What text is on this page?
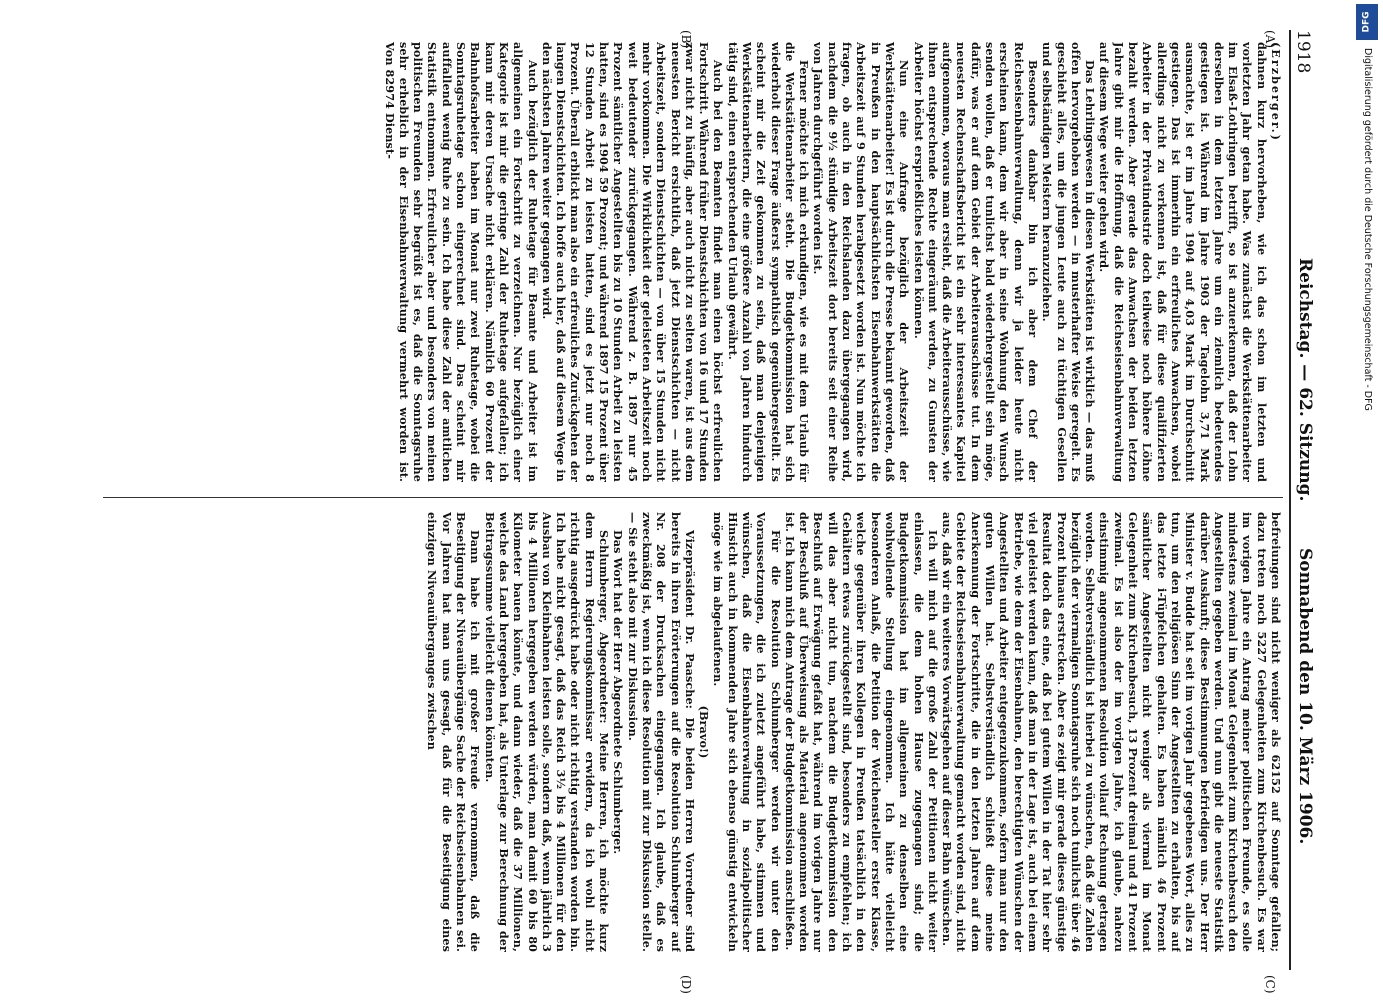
1918
Reichstag. — 62. Sitzung.
Sonnabend den 10. März 1906.
(A)
(B)
(C)
(D)

(Erzberger.)

dahnen kurz hervorheben, wie ich das schon im letzten und vorletzten Jahr getan habe. Was zunächst die Werkstättenarbeiter im Elsaß-Lothringen betrifft, so ist anzuerkennen, daß der Lohn derselben in dem letzten Jahre um ein ziemlich bedeutendes gestiegen ist. Während im Jahre 1903 der Tagelohn 3,71 Mark ausmachte, ist er im Jahre 1904 auf 4,03 Mark im Durchschnitt gestiegen. Das ist immerhin ein erfreuliches Anwachsen, wobei allerdings nicht zu verkennen ist, daß für diese qualifizierten Arbeiter in der Privatindustrie doch teilweise noch höhere Löhne bezahlt werden. Aber gerade das Anwachsen der beiden letzten Jahre gibt mir die Hoffnung, daß die Reichseisenbahnverwaltung auf diesem Wege weiter gehen wird.

Das Lehrlingswesen in diesen Werkstätten ist wirklich — das muß offen hervorgehoben werden — in musterhafter Weise geregelt. Es geschieht alles, um die jungen Leute auch zu tüchtigen Gesellen und selbständigen Meistern heranzuziehen.

Besonders dankbar bin ich aber dem Chef der Reichseisenbahnverwaltung, denn wir ja leider heute nicht erscheinen kann, dem wir aber in seine Wohnung den Wunsch senden wollen, daß er tunlichst bald wiederhergestellt sein möge, dafür, was er auf dem Gebiet der Arbeiterausschüsse tut. In dem neuesten Rechenschaftsbericht ist ein sehr interessantes Kapitel aufgenommen, woraus man ersieht, daß die Arbeiterausschüsse, wie ihnen entsprechende Rechte eingeräumt werden, zu Gunsten der Arbeiter höchst ersprießliches leisten können.

Nun eine Anfrage bezüglich der Arbeitszeit der Werkstättenarbeiter! Es ist durch die Presse bekannt geworden, daß in Preußen in den hauptsächlichsten Eisenbahnwerkstätten die Arbeitszeit auf 9 Stunden herabgesetzt worden ist. Nun möchte ich fragen, ob auch in den Reichslanden dazu übergegangen wird, nachdem die 9½ stündige Arbeitszeit dort bereits seit einer Reihe von Jahren durchgeführt worden ist.

Ferner möchte ich mich erkundigen, wie es mit dem Urlaub für die Werkstättenarbeiter steht. Die Budgetkommission hat sich wiederholt dieser Frage äußerst sympathisch gegenübergestellt. Es scheint mir die Zeit gekommen zu sein, daß man denjenigen Werkstättenarbeitern, die eine größere Anzahl von Jahren hindurch tätig sind, einen entsprechenden Urlaub gewährt.

Auch bei den Beamten findet man einen höchst erfreulichen Fortschritt. Während früher Dienstschichten von 16 und 17 Stunden zwar nicht zu häufig, aber auch nicht zu selten waren, ist aus dem neuesten Bericht ersichtlich, daß jetzt Dienstschichten — nicht Arbeitszeit, sondern Dienstschichten — von über 15 Stunden nicht mehr vorkommen. Die Wirklichkeit der geleisteten Arbeitszeit noch weit bedeutender zurückgegangen. Während z. B. 1897 nur 45 Prozent sämtlicher Angestellten bis zu 10 Stunden Arbeit zu leisten hatten, sind es 1904 59 Prozent; und während 1897 15 Prozent über 12 Stunden Arbeit zu leisten hatten, sind es jetzt nur noch 8 Prozent. Überall erblickt man also ein erfreuliches Zurückgehen der langen Dienstschichten. Ich hoffe auch hier, daß auf diesem Wege in den nächsten Jahren weiter gegangen wird.

Auch bezüglich der Ruhetage für Beamte und Arbeiter ist im allgemeinen ein Fortschritt zu verzeichnen. Nur bezüglich einer Kategorie ist mir die geringe Zahl der Ruhetage aufgefallen; ich kann mir deren Ursache nicht erklären. Nämlich 60 Prozent der Bahnhofsarbeiter haben im Monat nur zwei Ruhetage, wobei die Sonntagsruhetage schon eingerechnet sind. Das scheint mir auffallend wenig Ruhe zu sein. Ich habe diese Zahl der amtlichen Statistik entnommen. Erfreulicher aber und besonders von meinen politischen Freunden sehr begrüßt ist es, daß die Sonntagsruhe sehr erheblich in der Eisenbahnverwaltung vermehrt worden ist. Von 82974 Dienst-

befreiungen sind nicht weniger als 62152 auf Sonntage gefallen; dazu treten noch 5227 Gelegenheiten zum Kirchenbesuch. Es war im vorigen Jahre ein Antrag meiner politischen Freunde, es solle mindestens zweimal im Monat Gelegenheit zum Kirchenbesuch den Angestellten gegeben werden. Und nun gibt die neueste Statistik darüber Auskunft; diese Bestimmungen befriedigen uns. Der Herr Minister v. Budde hat seit im vorigen Jahr gegebenes Wort, alles zu tun, um den religiösen Sinn der Angestellten zu erhalten, bis auf das letzte i-Tüpfelchen gehalten. Es haben nämlich 46 Prozent sämtlicher Angestellten nicht weniger als viermal im Monat Gelegenheit zum Kirchenbesuch, 13 Prozent dreimal und 41 Prozent zweimal. Es ist also der im vorigen Jahre, ich glaube, nahezu einstimmig angenommenen Resolution vollauf Rechnung getragen worden. Selbstverständlich ist hierbei zu wünschen, daß die Zahlen bezüglich der viermaligen Sonntagsruhe sich noch tunlichst über 46 Prozent hinaus erstrecken. Aber es zeigt mir gerade dieses günstige Resultat doch das eine, daß bei gutem Willen in der Tat hier sehr viel geleistet werden kann, daß man in der Lage ist, auch bei einem Betriebe, wie dem der Eisenbahnen, den berechtigten Wünschen der Angestellten und Arbeiter entgegenzukommen, sofern man nur den guten Willen hat. Selbstverständlich schließt diese meine Anerkennung der Fortschritte, die in den letzten Jahren auf dem Gebiete der Reichseisenbahnverwaltung gemacht worden sind, nicht aus, daß wir ein weiteres Vorwärtsgehen auf dieser Bahn wünschen.

Ich will mich auf die große Zahl der Petitionen nicht weiter einlassen, die dem hohen Hause zugegangen sind; die Budgetkommission hat im allgemeinen zu denselben eine wohlwollende Stellung eingenommen. Ich hätte vielleicht besonderen Anlaß, die Petition der Weichensteller erster Klasse, welche gegenüber ihren Kollegen in Preußen tatsächlich in den Gehältern etwas zurückgestellt sind, besonders zu empfehlen; ich will das aber nicht tun, nachdem die Budgetkommission den Beschluß auf Erwägung gefaßt hat, während im vorigen Jahre nur der Beschluß auf Überweisung als Material angenommen worden ist. Ich kann mich dem Antrage der Budgetkommission anschließen.

Für die Resolution Schlumberger werden wir unter den Voraussetzungen, die ich zuletzt angeführt habe, stimmen und wünschen, daß die Eisenbahnverwaltung in sozialpolitischer Hinsicht auch in kommenden Jahre sich ebenso günstig entwickeln möge wie im abgelaufenen.

(Bravo!)

Vizepräsident Dr. Paasche: Die beiden Herren Vorredner sind bereits in ihren Erörterungen auf die Resolution Schlumberger auf Nr. 208 der Drucksachen eingegangen. Ich glaube, daß es zweckmäßig ist, wenn ich diese Resolution mit zur Diskussion stelle. — Sie steht also mit zur Diskussion.

Das Wort hat der Herr Abgeordnete Schlumberger.

Schlumberger, Abgeordneter: Meine Herren, ich möchte kurz dem Herrn Regierungskommissar erwidern, da ich wohl nicht richtig ausgedrückt habe oder nicht richtig verstanden worden bin. Ich habe nicht gesagt, daß das Reich 3½ bis 4 Millionen für den Ausbau von Kleinbahnen leisten solle, sondern daß, wenn jährlich 3 bis 4 Millionen hergegeben werden würden, man damit 60 bis 80 Kilometer bauen könnte, und dann wieder, daß die 37 Millionen, welche das Land hergegeben hat, als Unterlage zur Berechnung der Beitragssumme vielleicht dienen könnten.

Dann habe ich mit großer Freude vernommen, daß die Beseitigung der Niveauübergänge Sache der Reichseisenbahnen sei. Vor Jahren hat man uns gesagt, daß für die Beseitigung eines einzigen Niveauüberganges zwischen

DFG
Digitalisierung gefördert durch die Deutsche Forschungsgemeinschaft - DFG
